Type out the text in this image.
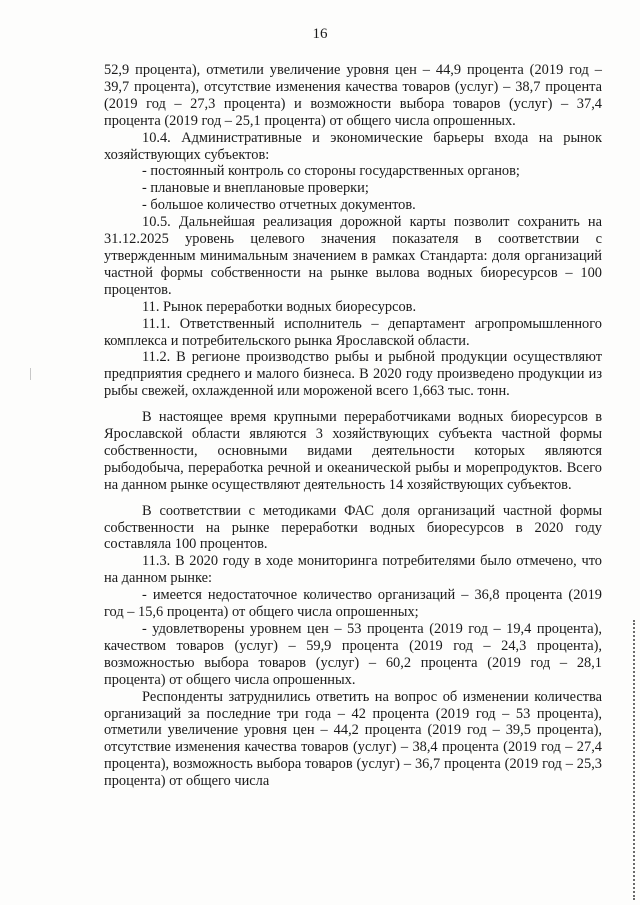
16

52,9 процента), отметили увеличение уровня цен – 44,9 процента (2019 год – 39,7 процента), отсутствие изменения качества товаров (услуг) – 38,7 процента (2019 год – 27,3 процента) и возможности выбора товаров (услуг) – 37,4 процента (2019 год – 25,1 процента) от общего числа опрошенных.

10.4. Административные и экономические барьеры входа на рынок хозяйствующих субъектов:

- постоянный контроль со стороны государственных органов;

- плановые и внеплановые проверки;

- большое количество отчетных документов.

10.5. Дальнейшая реализация дорожной карты позволит сохранить на 31.12.2025 уровень целевого значения показателя в соответствии с утвержденным минимальным значением в рамках Стандарта: доля организаций частной формы собственности на рынке вылова водных биоресурсов – 100 процентов.

11. Рынок переработки водных биоресурсов.

11.1. Ответственный исполнитель – департамент агропромышленного комплекса и потребительского рынка Ярославской области.

11.2. В регионе производство рыбы и рыбной продукции осуществляют предприятия среднего и малого бизнеса. В 2020 году произведено продукции из рыбы свежей, охлажденной или мороженой всего 1,663 тыс. тонн.

В настоящее время крупными переработчиками водных биоресурсов в Ярославской области являются 3 хозяйствующих субъекта частной формы собственности, основными видами деятельности которых являются рыбодобыча, переработка речной и океанической рыбы и морепродуктов. Всего на данном рынке осуществляют деятельность 14 хозяйствующих субъектов.

В соответствии с методиками ФАС доля организаций частной формы собственности на рынке переработки водных биоресурсов в 2020 году составляла 100 процентов.

11.3. В 2020 году в ходе мониторинга потребителями было отмечено, что на данном рынке:

- имеется недостаточное количество организаций – 36,8 процента (2019 год – 15,6 процента) от общего числа опрошенных;

- удовлетворены уровнем цен – 53 процента (2019 год – 19,4 процента), качеством товаров (услуг) – 59,9 процента (2019 год – 24,3 процента), возможностью выбора товаров (услуг) – 60,2 процента (2019 год – 28,1 процента) от общего числа опрошенных.

Респонденты затруднились ответить на вопрос об изменении количества организаций за последние три года – 42 процента (2019 год – 53 процента), отметили увеличение уровня цен – 44,2 процента (2019 год – 39,5 процента), отсутствие изменения качества товаров (услуг) – 38,4 процента (2019 год – 27,4 процента), возможность выбора товаров (услуг) – 36,7 процента (2019 год – 25,3 процента) от общего числа
